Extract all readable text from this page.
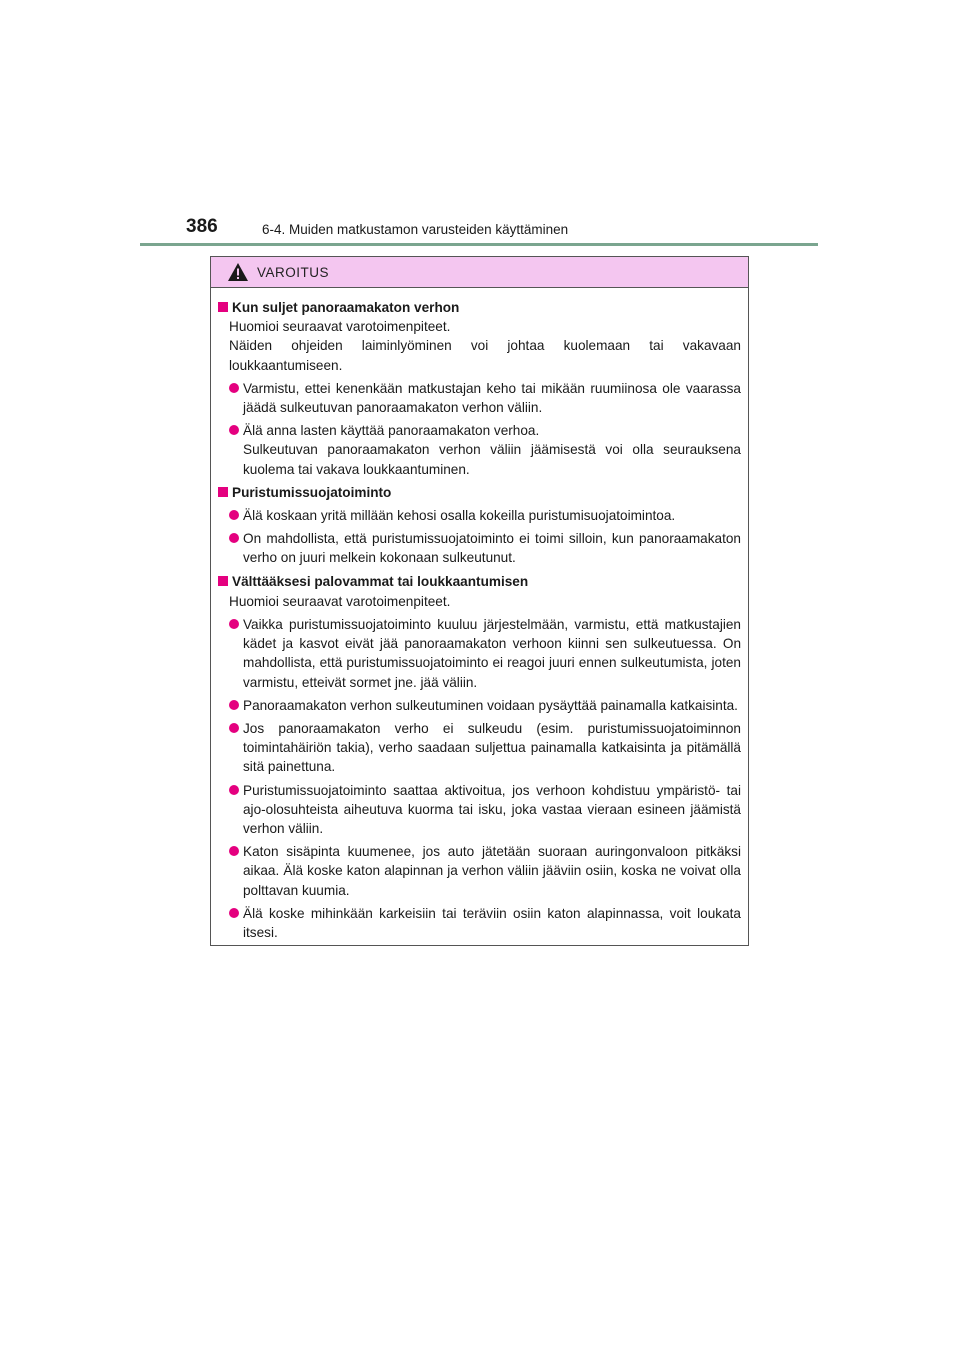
386	6-4. Muiden matkustamon varusteiden käyttäminen
VAROITUS
Kun suljet panoraamakaton verhon
Huomioi seuraavat varotoimenpiteet.
Näiden ohjeiden laiminlyöminen voi johtaa kuolemaan tai vakavaan loukkaantumiseen.

Varmistu, ettei kenenkään matkustajan keho tai mikään ruumiinosa ole vaarassa jäädä sulkeutuvan panoraamakaton verhon väliin.

Älä anna lasten käyttää panoraamakaton verhoa.

Sulkeutuvan panoraamakaton verhon väliin jäämisestä voi olla seurauksena kuolema tai vakava loukkaantuminen.

Puristumissuojatoiminto

Älä koskaan yritä millään kehosi osalla kokeilla puristumisuojatoimintoa.

On mahdollista, että puristumissuojatoiminto ei toimi silloin, kun panoraamakaton verho on juuri melkein kokonaan sulkeutunut.

Välttääksesi palovammat tai loukkaantumisen
Huomioi seuraavat varotoimenpiteet.

Vaikka puristumissuojatoiminto kuuluu järjestelmään, varmistu, että matkustajien kädet ja kasvot eivät jää panoraamakaton verhoon kiinni sen sulkeutuessa. On mahdollista, että puristumissuojatoiminto ei reagoi juuri ennen sulkeutumista, joten varmistu, etteivät sormet jne. jää väliin.

Panoraamakaton verhon sulkeutuminen voidaan pysäyttää painamalla katkaisinta.

Jos panoraamakaton verho ei sulkeudu (esim. puristumissuojatoiminnon toimintahäiriön takia), verho saadaan suljettua painamalla katkaisinta ja pitämällä sitä painettuna.

Puristumissuojatoiminto saattaa aktivoitua, jos verhoon kohdistuu ympäristö- tai ajo-olosuhteista aiheutuva kuorma tai isku, joka vastaa vieraan esineen jäämistä verhon väliin.

Katon sisäpinta kuumenee, jos auto jätetään suoraan auringonvaloon pitkäksi aikaa. Älä koske katon alapinnan ja verhon väliin jääviin osiin, koska ne voivat olla polttavan kuumia.

Älä koske mihinkään karkeisiin tai teräviin osiin katon alapinnassa, voit loukata itsesi.
